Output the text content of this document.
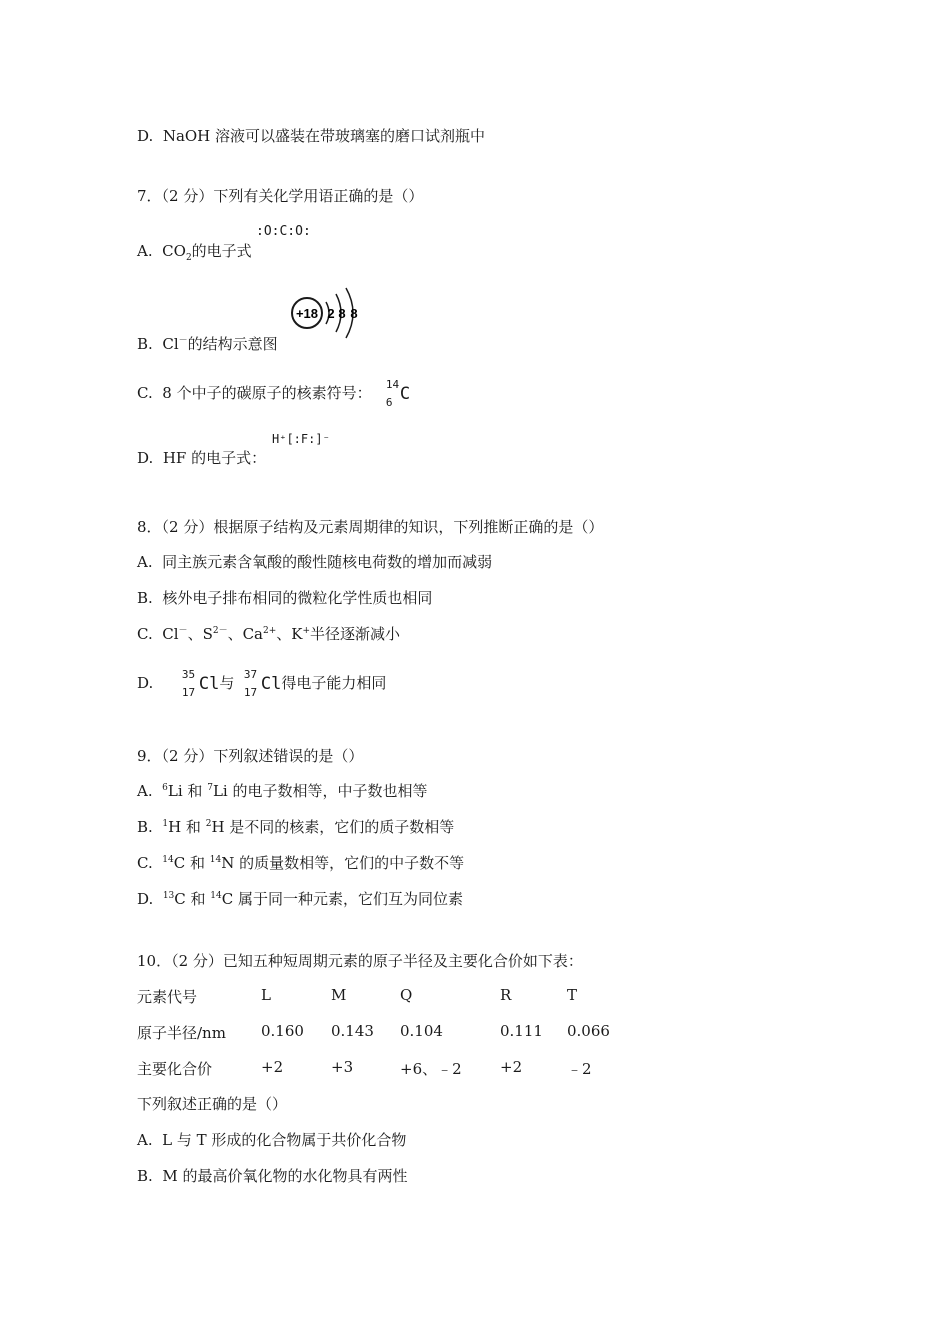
D. NaOH 溶液可以盛装在带玻璃塞的磨口试剂瓶中
7．（2 分）下列有关化学用语正确的是（）
:O:C:O:
A. $CO_2$的电子式
+18 2 8 8
B. Cl－的结构示意图
C. 8 个中子的碳原子的核素符号： 14
6 C
H⁺[:F:]⁻
D. HF 的电子式：
8．（2 分）根据原子结构及元素周期律的知识，下列推断正确的是（）
A. 同主族元素含氧酸的酸性随核电荷数的增加而减弱
B. 核外电子排布相同的微粒化学性质也相同
C. Cl－、$S^{2-}$、$Ca^{2+}$、K+半径逐渐减小
D.	35
17 Cl与 37
17 Cl得电子能力相同
9．（2 分）下列叙述错误的是（）
A. $^6$Li 和 $^7$Li 的电子数相等，中子数也相等
B. $^1$H 和 $^2$H 是不同的核素，它们的质子数相等
C. $^{14}$C 和 $^{14}$N 的质量数相等，它们的中子数不等
D. $^{13}$C 和 $^{14}$C 属于同一种元素，它们互为同位素
10．（2 分）已知五种短周期元素的原子半径及主要化合价如下表：
元素代号	L	M	Q	R	T
原子半径/nm 0.160 0.143 0.104	0.111 0.066
主要化合价	+2	+3	+6、﹣2	+2	﹣2
下列叙述正确的是（）
A. L 与 T 形成的化合物属于共价化合物
B. M 的最高价氧化物的水化物具有两性
